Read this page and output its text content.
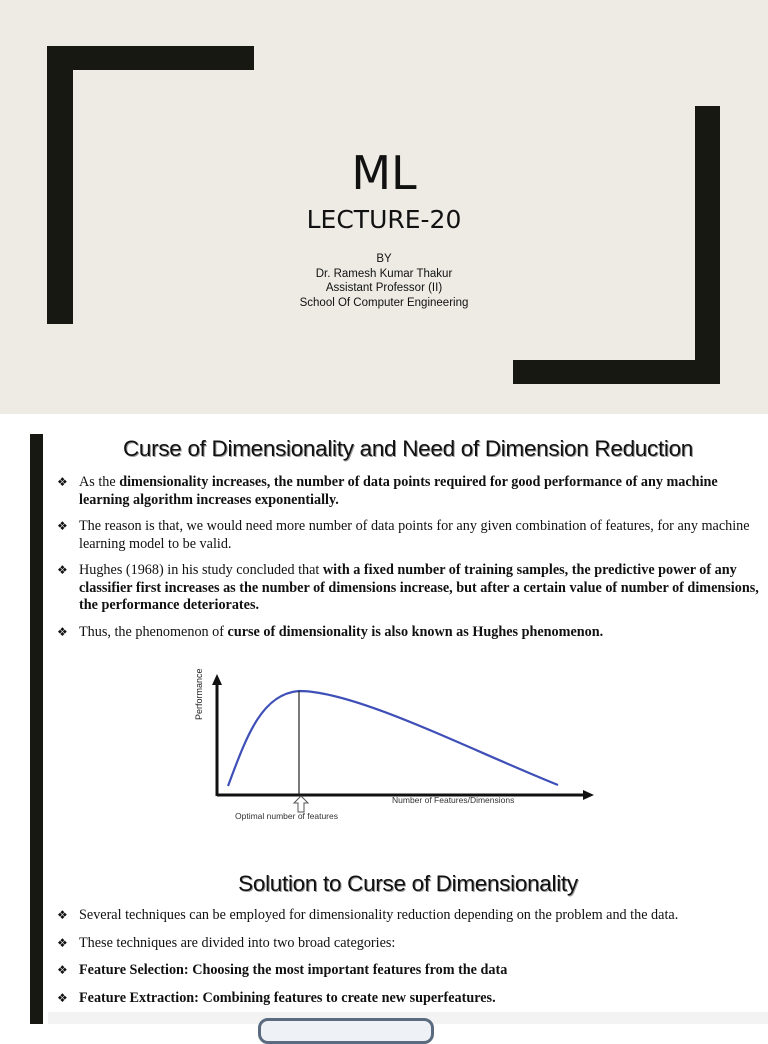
ML
LECTURE-20
BY
Dr. Ramesh Kumar Thakur
Assistant Professor (II)
School Of Computer Engineering
Curse of Dimensionality and Need of Dimension Reduction
❖ As the dimensionality increases, the number of data points required for good performance of any machine learning algorithm increases exponentially.
❖ The reason is that, we would need more number of data points for any given combination of features, for any machine learning model to be valid.
❖ Hughes (1968) in his study concluded that with a fixed number of training samples, the predictive power of any classifier first increases as the number of dimensions increase, but after a certain value of number of dimensions, the performance deteriorates.
❖ Thus, the phenomenon of curse of dimensionality is also known as Hughes phenomenon.
Performance
Number of Features/Dimensions
Optimal number of features
Solution to Curse of Dimensionality
❖ Several techniques can be employed for dimensionality reduction depending on the problem and the data.
❖ These techniques are divided into two broad categories:
❖ Feature Selection: Choosing the most important features from the data
❖ Feature Extraction: Combining features to create new superfeatures.
